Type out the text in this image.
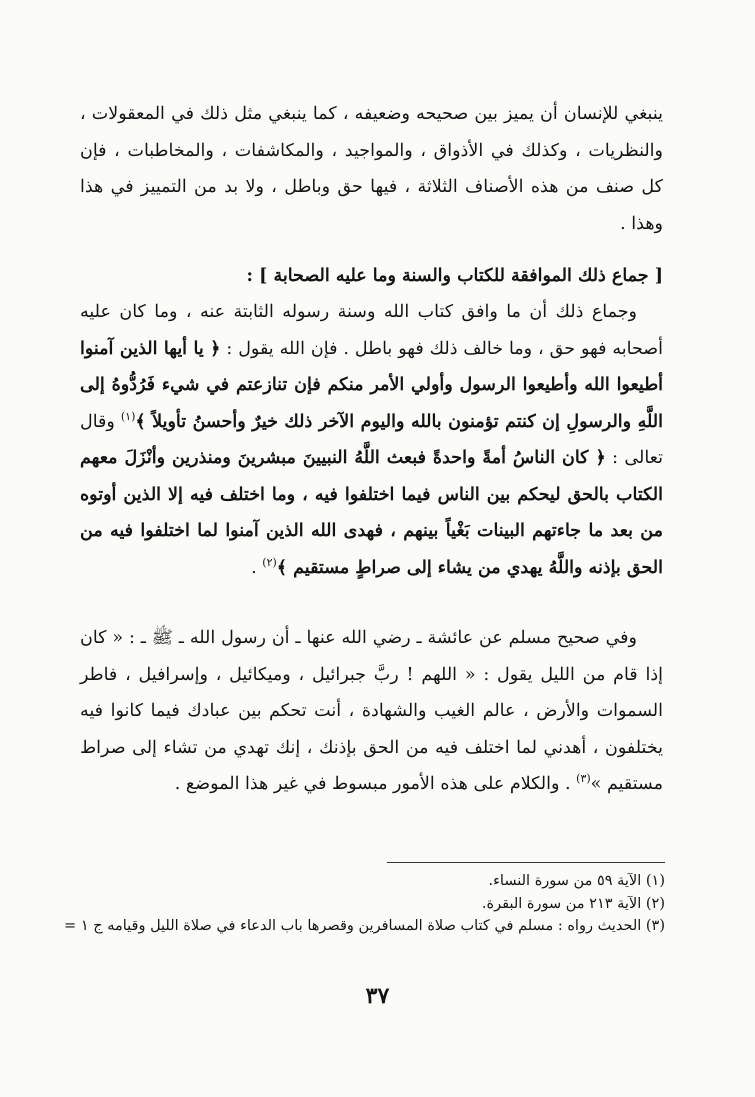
ينبغي للإنسان أن يميز بين صحيحه وضعيفه ، كما ينبغي مثل ذلك في المعقولات ، والنظريات ، وكذلك في الأذواق ، والمواجيد ، والمكاشفات ، والمخاطبات ، فإن كل صنف من هذه الأصناف الثلاثة ، فيها حق وباطل ، ولا بد من التمييز في هذا وهذا .

[ جماع ذلك الموافقة للكتاب والسنة وما عليه الصحابة ] :

وجماع ذلك أن ما وافق كتاب الله وسنة رسوله الثابتة عنه ، وما كان عليه أصحابه فهو حق ، وما خالف ذلك فهو باطل . فإن الله يقول : ﴿ يا أيها الذين آمنوا أطيعوا الله وأطيعوا الرسول وأولي الأمر منكم فإن تنازعتم في شيء فَرُدُّوهُ إلى اللَّهِ والرسولِ إن كنتم تؤمنون بالله واليوم الآخر ذلك خيرٌ وأحسنُ تأويلاً ﴾$^{(١)}$ وقال تعالى : ﴿ كان الناسُ أمةً واحدةً فبعث اللَّهُ النبيينَ مبشرينَ ومنذرين وأنْزَلَ معهم الكتاب بالحق ليحكم بين الناس فيما اختلفوا فيه ، وما اختلف فيه إلا الذين أوتوه من بعد ما جاءتهم البينات بَغْياً بينهم ، فهدى الله الذين آمنوا لما اختلفوا فيه من الحق بإذنه واللَّهُ يهدي من يشاء إلى صراطٍ مستقيم ﴾$^{(٢)}$ .

وفي صحيح مسلم عن عائشة ـ رضي الله عنها ـ أن رسول الله ـ ﷺ ـ : « كان إذا قام من الليل يقول : « اللهم ! ربَّ جبرائيل ، وميكائيل ، وإسرافيل ، فاطر السموات والأرض ، عالم الغيب والشهادة ، أنت تحكم بين عبادك فيما كانوا فيه يختلفون ، أهدني لما اختلف فيه من الحق بإذنك ، إنك تهدي من تشاء إلى صراط مستقيم »$^{(٣)}$ . والكلام على هذه الأمور مبسوط في غير هذا الموضع .

(١) الآية ٥٩ من سورة النساء.
(٢) الآية ٢١٣ من سورة البقرة.
(٣) الحديث رواه : مسلم في كتاب صلاة المسافرين وقصرها باب الدعاء في صلاة الليل وقيامه ج ١ =
٣٧
